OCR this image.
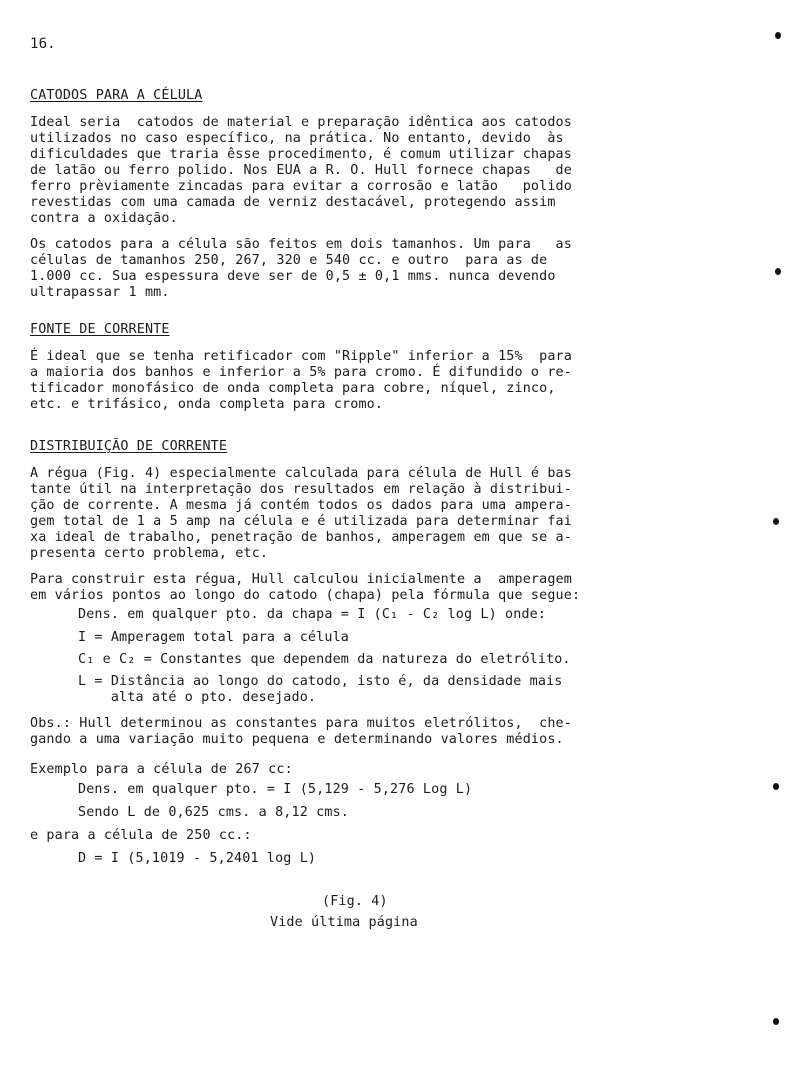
16.

CATODOS PARA A CÉLULA

Ideal seria  catodos de material e preparação idêntica aos catodos

utilizados no caso específico, na prática. No entanto, devido  às

dificuldades que traria êsse procedimento, é comum utilizar chapas

de latão ou ferro polido. Nos EUA a R. O. Hull fornece chapas   de

ferro prèviamente zincadas para evitar a corrosão e latão   polido

revestidas com uma camada de verniz destacável, protegendo assim

contra a oxidação.

Os catodos para a célula são feitos em dois tamanhos. Um para   as

células de tamanhos 250, 267, 320 e 540 cc. e outro  para as de

1.000 cc. Sua espessura deve ser de 0,5 ± 0,1 mms. nunca devendo

ultrapassar 1 mm.

FONTE DE CORRENTE

É ideal que se tenha retificador com "Ripple" inferior a 15%  para

a maioria dos banhos e inferior a 5% para cromo. É difundido o re-

tificador monofásico de onda completa para cobre, níquel, zinco,

etc. e trifásico, onda completa para cromo.

DISTRIBUIÇÃO DE CORRENTE

A régua (Fig. 4) especialmente calculada para célula de Hull é bas

tante útil na interpretação dos resultados em relação à distribui-

ção de corrente. A mesma já contém todos os dados para uma ampera-

gem total de 1 a 5 amp na célula e é utilizada para determinar fai

xa ideal de trabalho, penetração de banhos, amperagem em que se a-

presenta certo problema, etc.

Para construir esta régua, Hull calculou inicialmente a  amperagem

em vários pontos ao longo do catodo (chapa) pela fórmula que segue:

Dens. em qualquer pto. da chapa = I (C₁ - C₂ log L) onde:

I = Amperagem total para a célula

C₁ e C₂ = Constantes que dependem da natureza do eletrólito.

L = Distância ao longo do catodo, isto é, da densidade mais

alta até o pto. desejado.

Obs.: Hull determinou as constantes para muitos eletrólitos,  che-

gando a uma variação muito pequena e determinando valores médios.

Exemplo para a célula de 267 cc:

Dens. em qualquer pto. = I (5,129 - 5,276 Log L)

Sendo L de 0,625 cms. a 8,12 cms.

e para a célula de 250 cc.:

D = I (5,1019 - 5,2401 log L)

(Fig. 4)

Vide última página
